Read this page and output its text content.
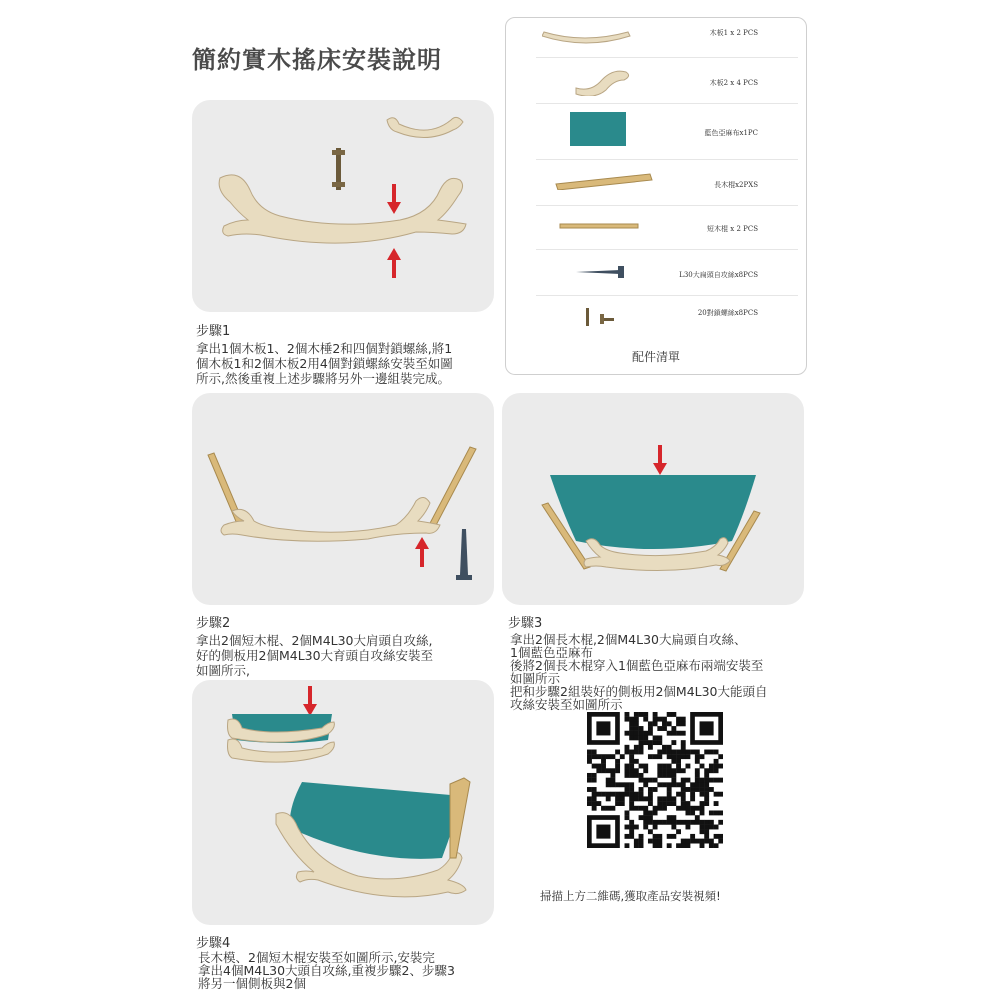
簡約實木搖床安裝說明
步驟1
拿出1個木板1、2個木棰2和四個對鎖螺絲,將1
個木板1和2個木板2用4個對鎖螺絲安裝至如圖
所示,然後重複上述步驟將另外一邊組裝完成。
木板1 x 2 PCS
木板2 x 4 PCS
藍色亞麻布x1PC
長木棍x2PXS
短木棍 x 2 PCS
L30大扁頭自攻絲x8PCS
20對鎖螺絲x8PCS
配件清單
步驟2
拿出2個短木棍、2個M4L30大肩頭自攻絲,
好的側板用2個M4L30大育頭自攻絲安裝至
如圖所示,
步驟3
拿出2個長木棍,2個M4L30大扁頭自攻絲、
1個藍色亞麻布
後將2個長木棍穿入1個藍色亞麻布兩端安裝至
如圖所示
把和步驟2組裝好的側板用2個M4L30大能頭自
攻絲安裝至如圖所示
步驟4
長木模、2個短木棍安裝至如圖所示,安裝完
拿出4個M4L30大頭自攻絲,重複步驟2、步驟3
將另一個側板與2個
掃描上方二維碼,獲取產品安裝視頻!
